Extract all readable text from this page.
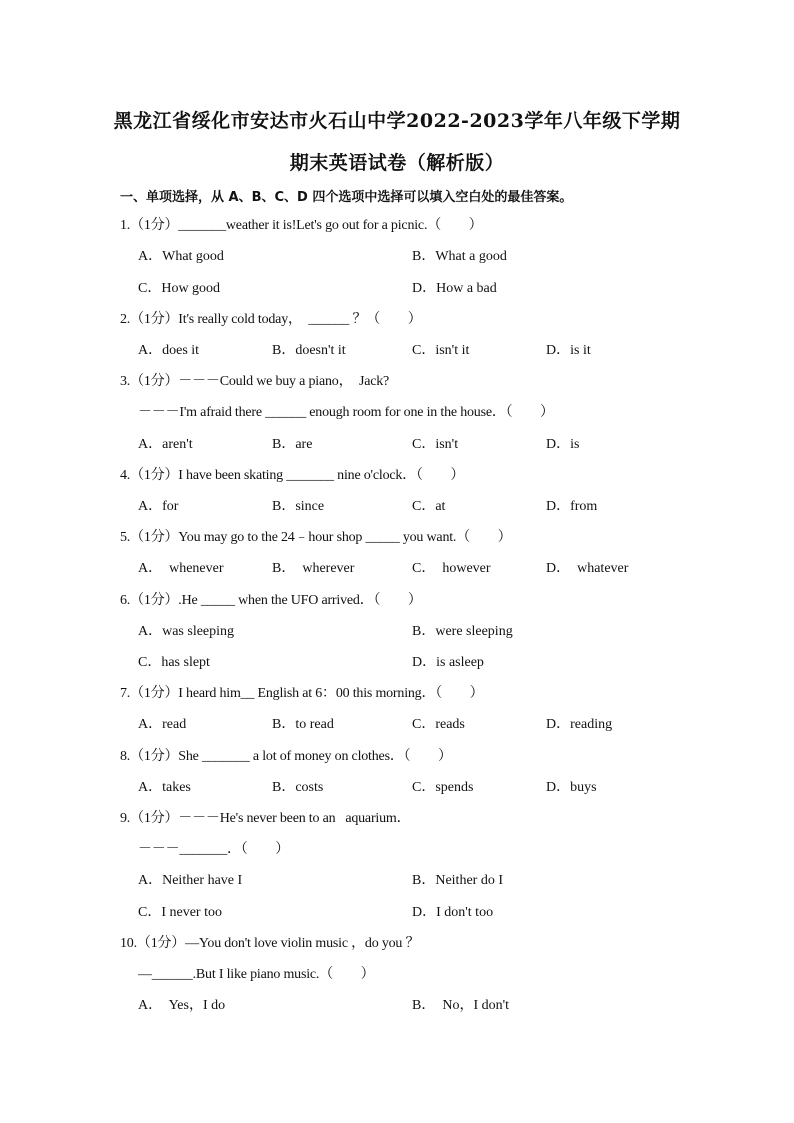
黑龙江省绥化市安达市火石山中学2022-2023学年八年级下学期
期末英语试卷（解析版）
一、单项选择，从 A、B、C、D 四个选项中选择可以填入空白处的最佳答案。
1.（1分）_______weather it is!Let's go out for a picnic.（　　）
A．What good	B．What a good
C．How good	D．How a bad
2.（1分）It's really cold today，  ______ ？（　　）
A．does it	B．doesn't it	C．isn't it	D．is it
3.（1分）－－－Could we buy a piano，  Jack?
－－－I'm afraid there ______ enough room for one in the house．（　　）
A．aren't	B．are	C．isn't	D．is
4.（1分）I have been skating _______ nine o'clock．（　　）
A．for	B．since	C．at	D．from
5.（1分）You may go to the 24﹣hour shop _____ you want.（　　）
A．  whenever	B．  wherever	C．  however	D．  whatever
6.（1分）.He _____ when the UFO arrived．（　　）
A．was sleeping	B．were sleeping
C．has slept	D．is asleep
7.（1分）I heard him__ English at 6：00 this morning．（　　）
A．read	B．to read	C．reads	D．reading
8.（1分）She _______ a lot of money on clothes．（　　）
A．takes	B．costs	C．spends	D．buys
9.（1分）－－－He's never been to an   aquarium．
－－－_______．（　　）
A．Neither have I	B．Neither do I
C．I never too	D．I don't too
10.（1分）—You don't love violin music ，do you ？
—______.But I like piano music.（　　）
A．  Yes，I do	B．  No，I don't
